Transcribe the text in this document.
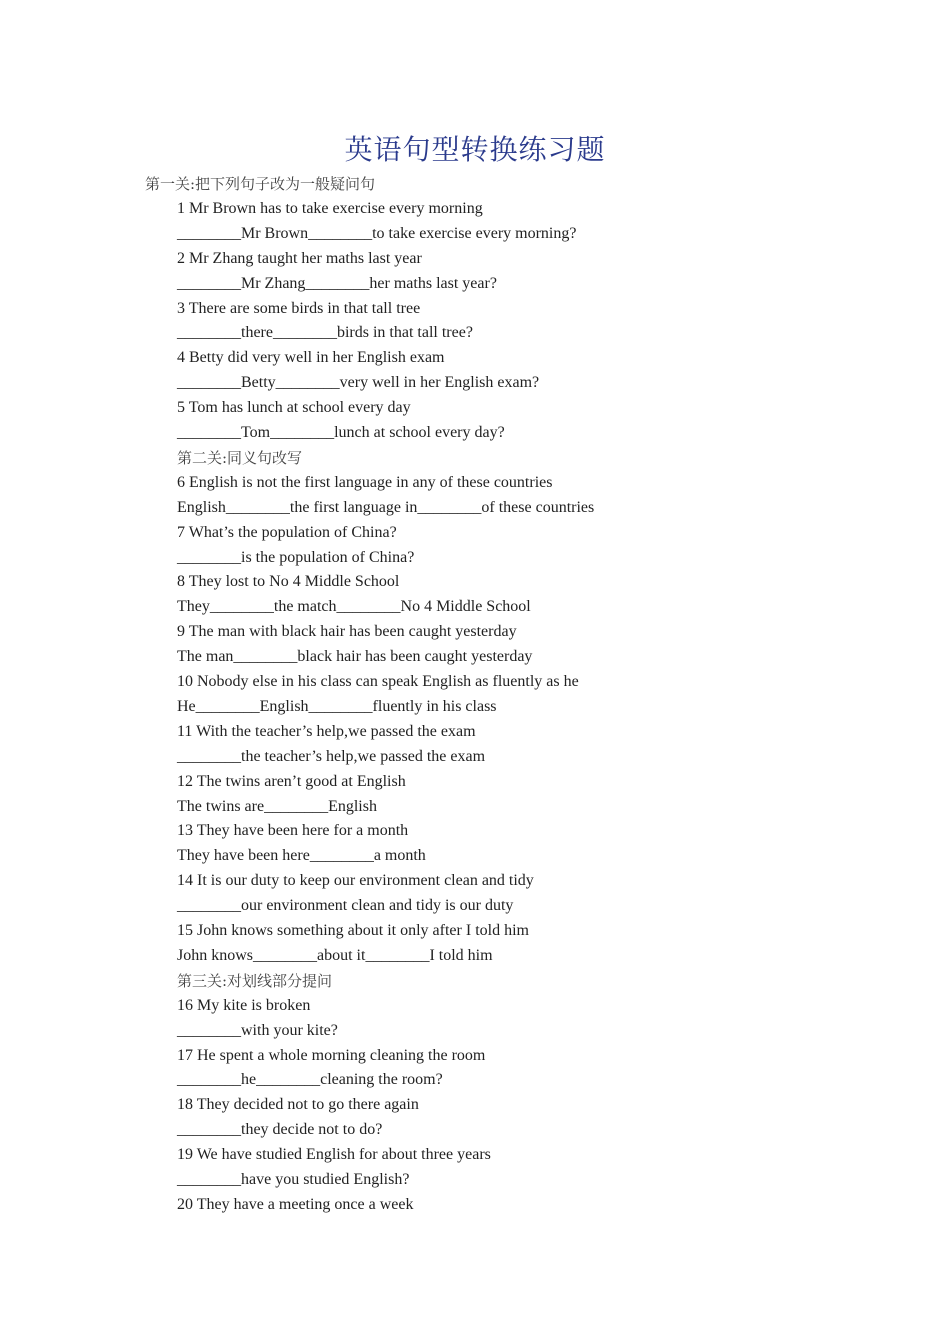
英语句型转换练习题
第一关:把下列句子改为一般疑问句
1 Mr Brown has to take exercise every morning
________Mr Brown________to take exercise every morning?
2 Mr Zhang taught her maths last year
________Mr Zhang________her maths last year?
3 There are some birds in that tall tree
________there________birds in that tall tree?
4 Betty did very well in her English exam
________Betty________very well in her English exam?
5 Tom has lunch at school every day
________Tom________lunch at school every day?
第二关:同义句改写
6 English is not the first language in any of these countries
English________the first language in________of these countries
7 What’s the population of China?
________is the population of China?
8 They lost to No 4 Middle School
They________the match________No 4 Middle School
9 The man with black hair has been caught yesterday
The man________black hair has been caught yesterday
10 Nobody else in his class can speak English as fluently as he
He________English________fluently in his class
11 With the teacher’s help,we passed the exam
________the teacher’s help,we passed the exam
12 The twins aren’t good at English
The twins are________English
13 They have been here for a month
They have been here________a month
14 It is our duty to keep our environment clean and tidy
________our environment clean and tidy is our duty
15 John knows something about it only after I told him
John knows________about it________I told him
第三关:对划线部分提问
16 My kite is broken
________with your kite?
17 He spent a whole morning cleaning the room
________he________cleaning the room?
18 They decided not to go there again
________they decide not to do?
19 We have studied English for about three years
________have you studied English?
20 They have a meeting once a week
